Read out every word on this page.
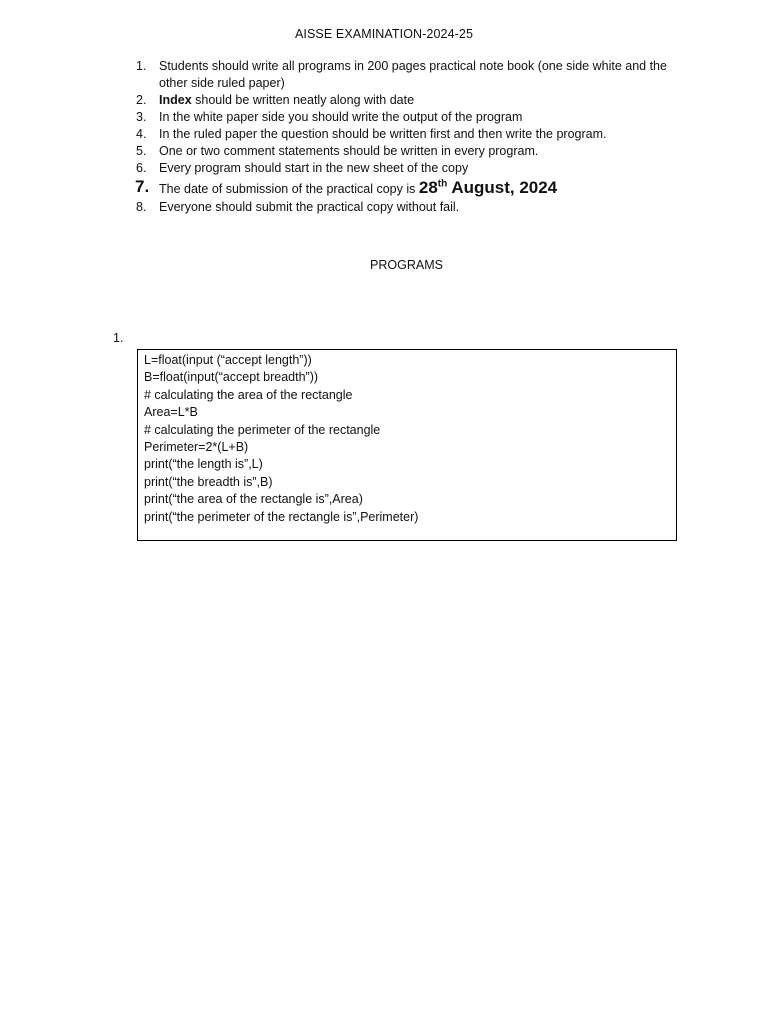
AISSE EXAMINATION-2024-25
1. Students should write all programs in 200 pages practical note book (one side white and the other side ruled paper)
2. Index should be written neatly along with date
3. In the white paper side you should write the output of the program
4. In the ruled paper the question should be written first and then write the program.
5. One or two comment statements should be written in every program.
6. Every program should start in the new sheet of the copy
7. The date of submission of the practical copy is 28th August, 2024
8. Everyone should submit the practical copy without fail.
PROGRAMS
1.
L=float(input (“accept length”))
B=float(input(“accept breadth”))
# calculating the area of the rectangle
Area=L*B
# calculating the perimeter of the rectangle
Perimeter=2*(L+B)
print(“the length is”,L)
print(“the breadth is”,B)
print(“the area of the rectangle is”,Area)
print(“the perimeter of the rectangle is”,Perimeter)
